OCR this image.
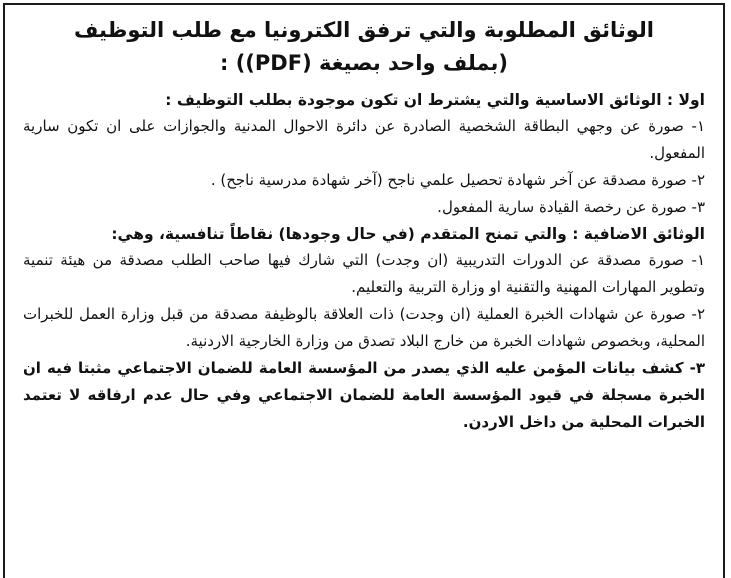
الوثائق المطلوبة والتي ترفق الكترونيا مع طلب التوظيف

(بملف واحد بصيغة (PDF)) :

اولا : الوثائق الاساسية والتي يشترط ان تكون موجودة بطلب التوظيف :

١- صورة عن وجهي البطاقة الشخصية الصادرة عن دائرة الاحوال المدنية والجوازات على ان تكون سارية المفعول.

٢- صورة مصدقة عن آخر شهادة تحصيل علمي ناجح (آخر شهادة مدرسية ناجح) .

٣- صورة عن رخصة القيادة سارية المفعول.

الوثائق الاضافية : والتي تمنح المتقدم (في حال وجودها) نقاطاً تنافسية، وهي:

١- صورة مصدقة عن الدورات التدريبية (ان وجدت) التي شارك فيها صاحب الطلب مصدقة من هيئة تنمية وتطوير المهارات المهنية والتقنية او وزارة التربية والتعليم.

٢- صورة عن شهادات الخبرة العملية (ان وجدت) ذات العلاقة بالوظيفة مصدقة من قبل وزارة العمل للخبرات المحلية، وبخصوص شهادات الخبرة من خارج البلاد تصدق من وزارة الخارجية الاردنية.

٣- كشف بيانات المؤمن عليه الذي يصدر من المؤسسة العامة للضمان الاجتماعي مثبتا فيه ان الخبرة مسجلة في قيود المؤسسة العامة للضمان الاجتماعي وفي حال عدم ارفاقه لا تعتمد الخبرات المحلية من داخل الاردن.
